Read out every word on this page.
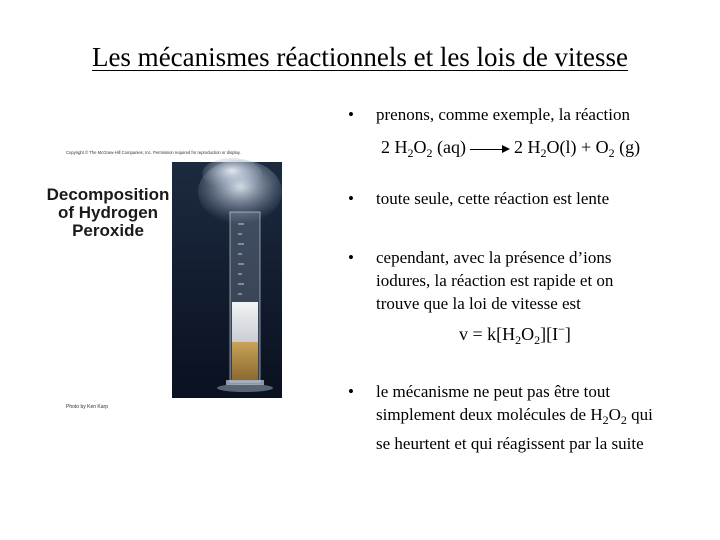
Les mécanismes réactionnels et les lois de vitesse
Copyright © The McGraw-Hill Companies, Inc. Permission required for reproduction or display.
Decomposition
of Hydrogen
Peroxide
Photo by Ken Karp
• prenons, comme exemple, la réaction
2 $H_2O_2$ (aq)	2 $H_2O(l) + O_2$ (g)
• toute seule, cette réaction est lente
• cependant, avec la présence d’ions
iodures, la réaction est rapide et on
trouve que la loi de vitesse est
$v = k[H_2O_2][I^-]$
• le mécanisme ne peut pas être tout
simplement deux molécules de $H_2O_2$ qui
se heurtent et qui réagissent par la suite
